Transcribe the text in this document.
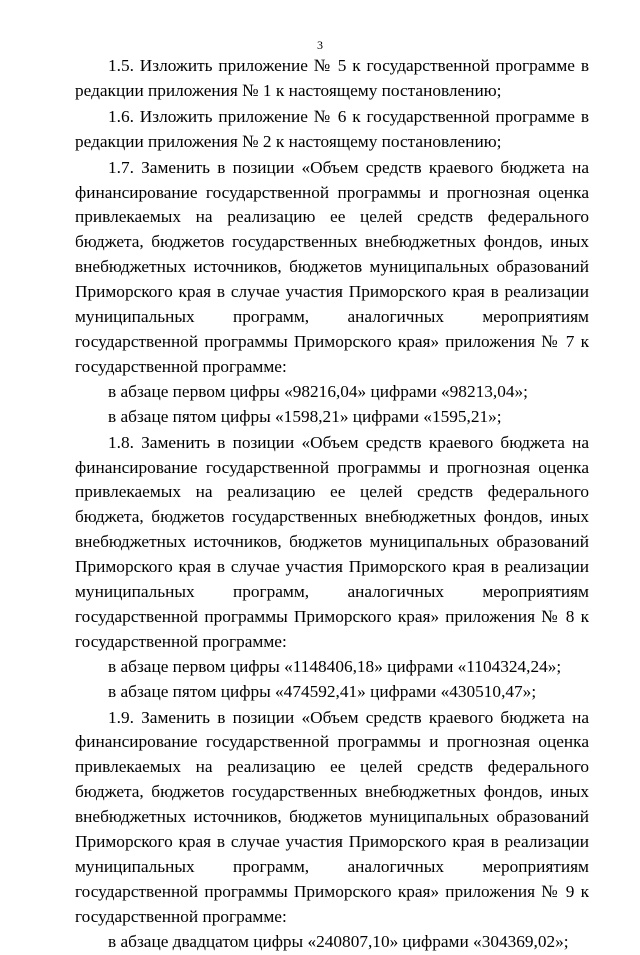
3

1.5. Изложить приложение № 5 к государственной программе в редакции приложения № 1 к настоящему постановлению;

1.6. Изложить приложение № 6 к государственной программе в редакции приложения № 2 к настоящему постановлению;

1.7. Заменить в позиции «Объем средств краевого бюджета на финансирование государственной программы и прогнозная оценка привлекаемых на реализацию ее целей средств федерального бюджета, бюджетов государственных внебюджетных фондов, иных внебюджетных источников, бюджетов муниципальных образований Приморского края в случае участия Приморского края в реализации муниципальных программ, аналогичных мероприятиям государственной программы Приморского края» приложения № 7 к государственной программе:

в абзаце первом цифры «98216,04» цифрами «98213,04»;

в абзаце пятом цифры «1598,21» цифрами «1595,21»;

1.8. Заменить в позиции «Объем средств краевого бюджета на финансирование государственной программы и прогнозная оценка привлекаемых на реализацию ее целей средств федерального бюджета, бюджетов государственных внебюджетных фондов, иных внебюджетных источников, бюджетов муниципальных образований Приморского края в случае участия Приморского края в реализации муниципальных программ, аналогичных мероприятиям государственной программы Приморского края» приложения № 8 к государственной программе:

в абзаце первом цифры «1148406,18» цифрами «1104324,24»;

в абзаце пятом цифры «474592,41» цифрами «430510,47»;

1.9. Заменить в позиции «Объем средств краевого бюджета на финансирование государственной программы и прогнозная оценка привлекаемых на реализацию ее целей средств федерального бюджета, бюджетов государственных внебюджетных фондов, иных внебюджетных источников, бюджетов муниципальных образований Приморского края в случае участия Приморского края в реализации муниципальных программ, аналогичных мероприятиям государственной программы Приморского края» приложения № 9 к государственной программе:

в абзаце двадцатом цифры «240807,10» цифрами «304369,02»;
